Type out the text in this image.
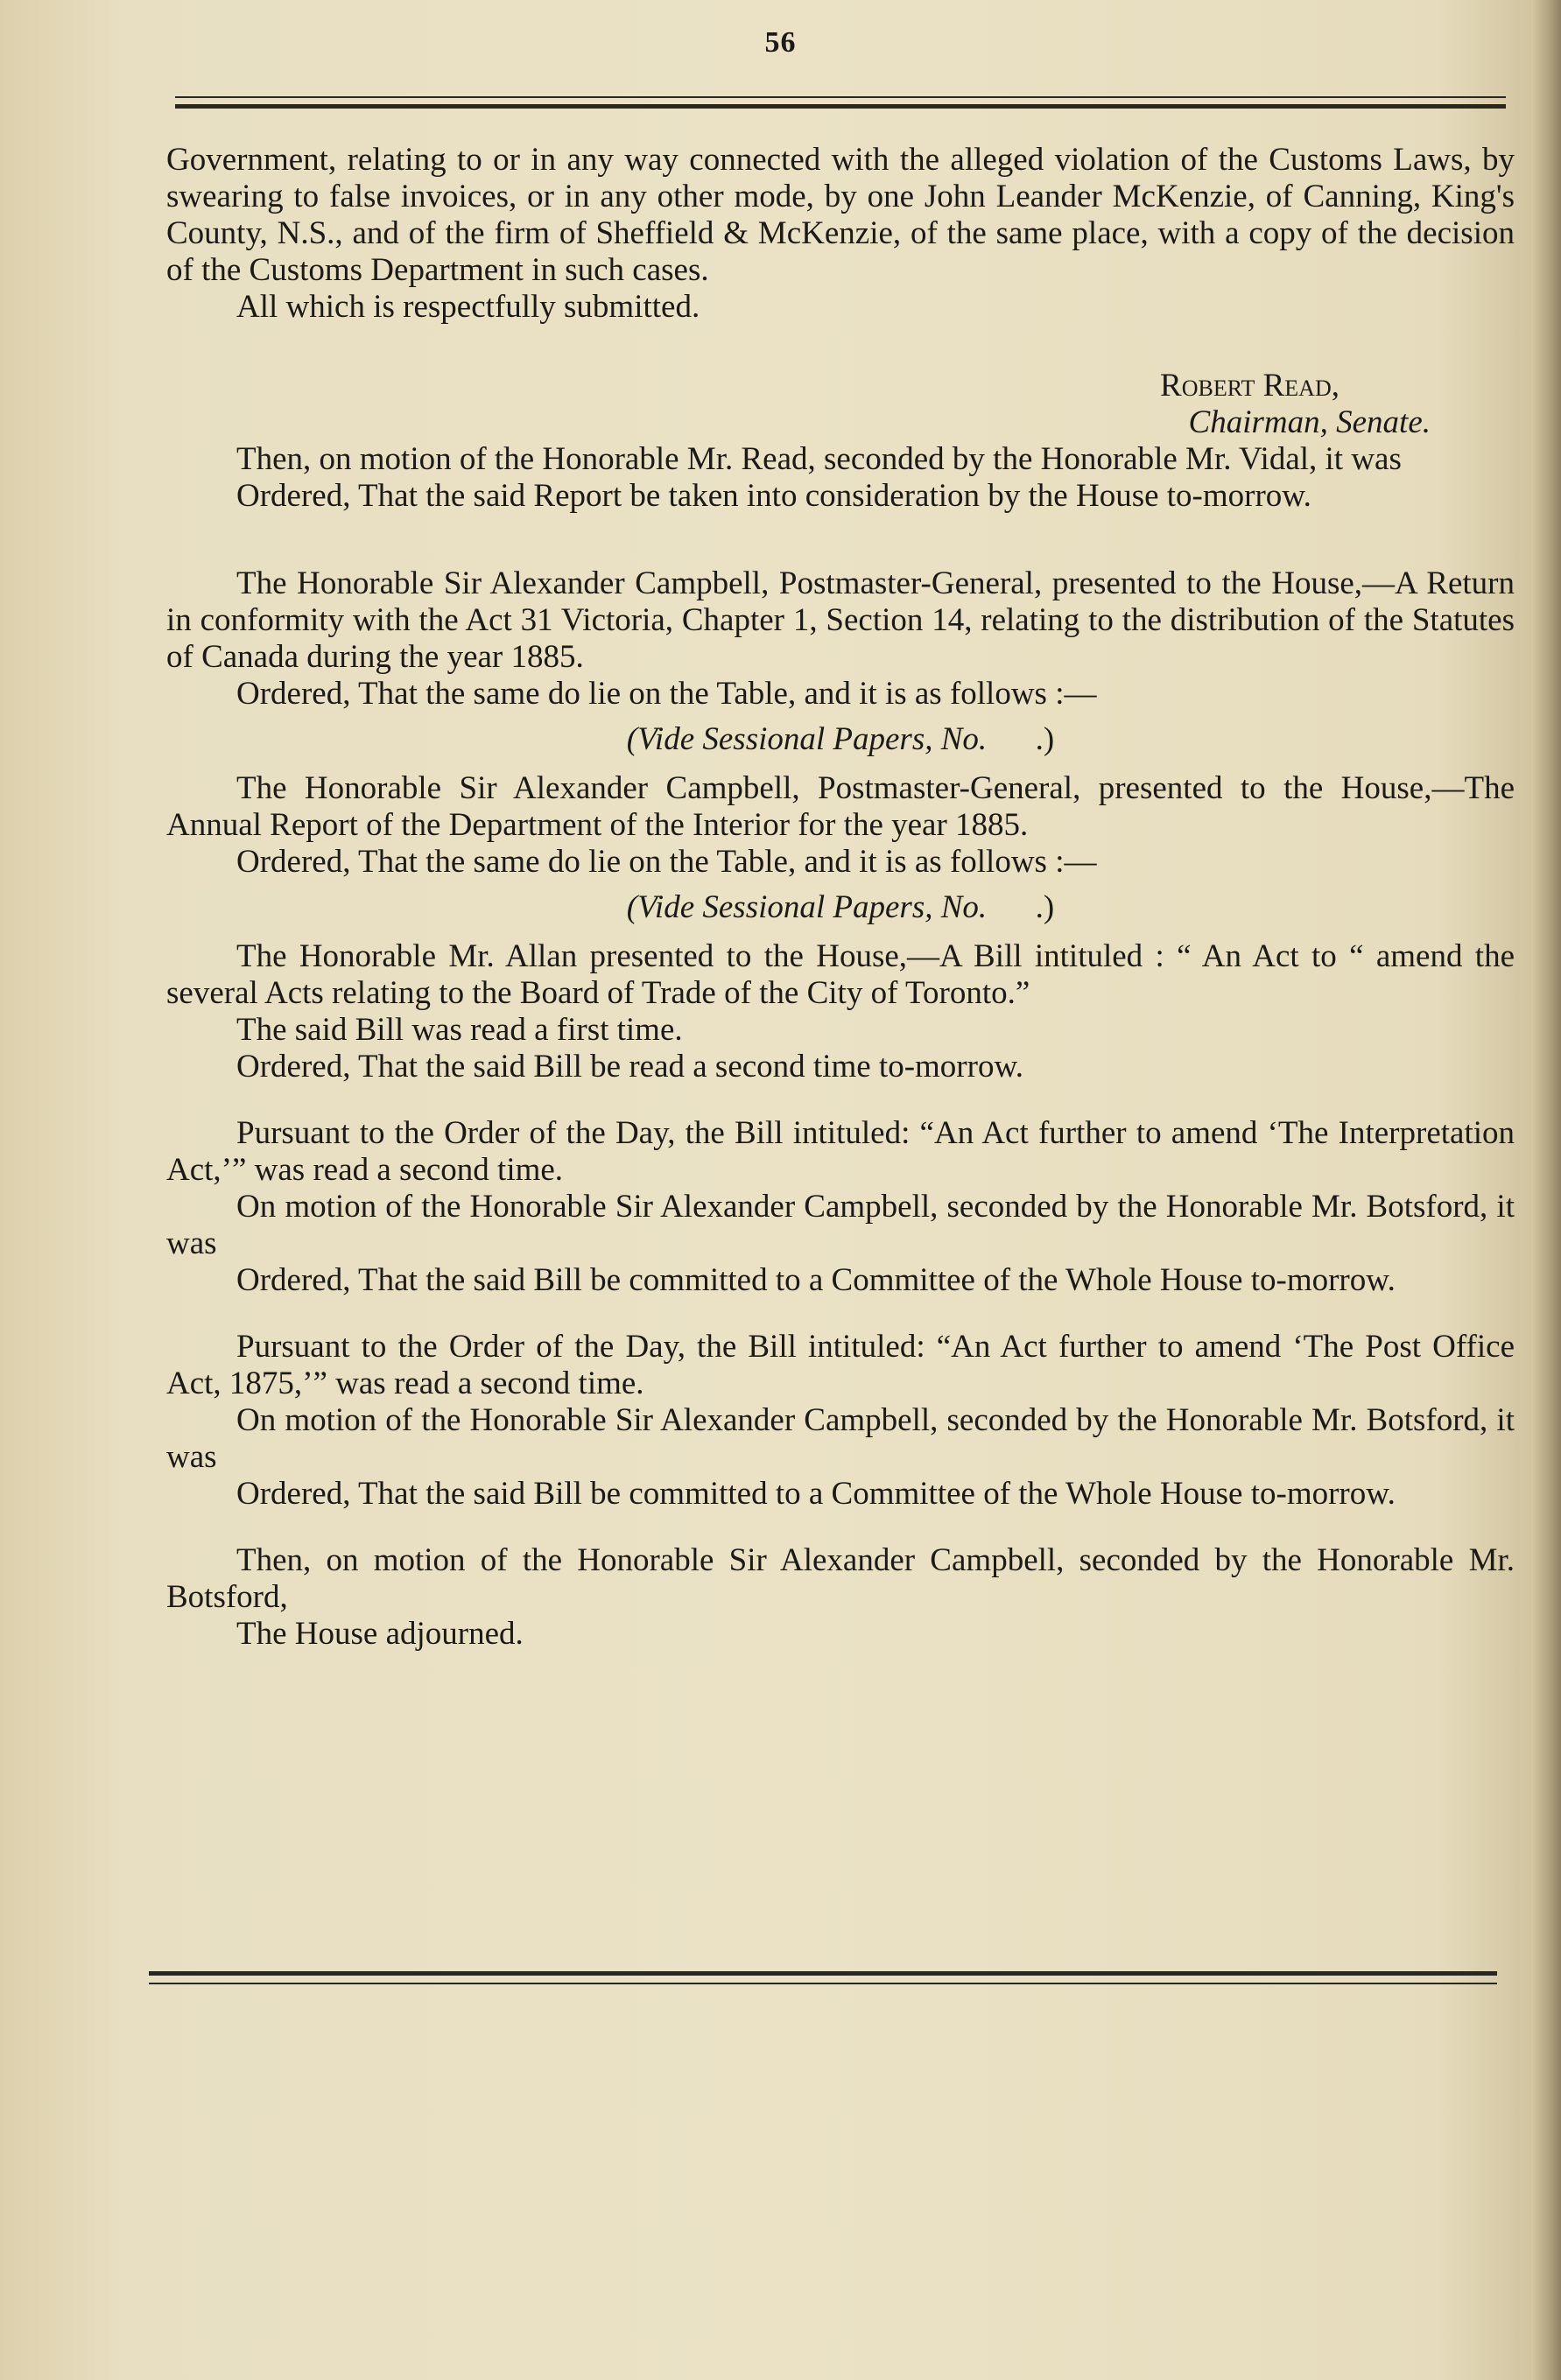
56

Government, relating to or in any way connected with the alleged violation of the Customs Laws, by swearing to false invoices, or in any other mode, by one John Leander McKenzie, of Canning, King's County, N.S., and of the firm of Sheffield & McKenzie, of the same place, with a copy of the decision of the Customs Department in such cases.

All which is respectfully submitted.

Robert Read,

Chairman, Senate.

Then, on motion of the Honorable Mr. Read, seconded by the Honorable Mr. Vidal, it was

Ordered, That the said Report be taken into consideration by the House to-morrow.

The Honorable Sir Alexander Campbell, Postmaster-General, presented to the House,—A Return in conformity with the Act 31 Victoria, Chapter 1, Section 14, relating to the distribution of the Statutes of Canada during the year 1885.

Ordered, That the same do lie on the Table, and it is as follows :—

(Vide Sessional Papers, No.   .)

The Honorable Sir Alexander Campbell, Postmaster-General, presented to the House,—The Annual Report of the Department of the Interior for the year 1885.

Ordered, That the same do lie on the Table, and it is as follows :—

(Vide Sessional Papers, No.   .)

The Honorable Mr. Allan presented to the House,—A Bill intituled : “ An Act to “ amend the several Acts relating to the Board of Trade of the City of Toronto.”

The said Bill was read a first time.

Ordered, That the said Bill be read a second time to-morrow.

Pursuant to the Order of the Day, the Bill intituled: “An Act further to amend ‘The Interpretation Act,’” was read a second time.

On motion of the Honorable Sir Alexander Campbell, seconded by the Honorable Mr. Botsford, it was

Ordered, That the said Bill be committed to a Committee of the Whole House to-morrow.

Pursuant to the Order of the Day, the Bill intituled: “An Act further to amend ‘The Post Office Act, 1875,’” was read a second time.

On motion of the Honorable Sir Alexander Campbell, seconded by the Honorable Mr. Botsford, it was

Ordered, That the said Bill be committed to a Committee of the Whole House to-morrow.

Then, on motion of the Honorable Sir Alexander Campbell, seconded by the Honorable Mr. Botsford,

The House adjourned.
